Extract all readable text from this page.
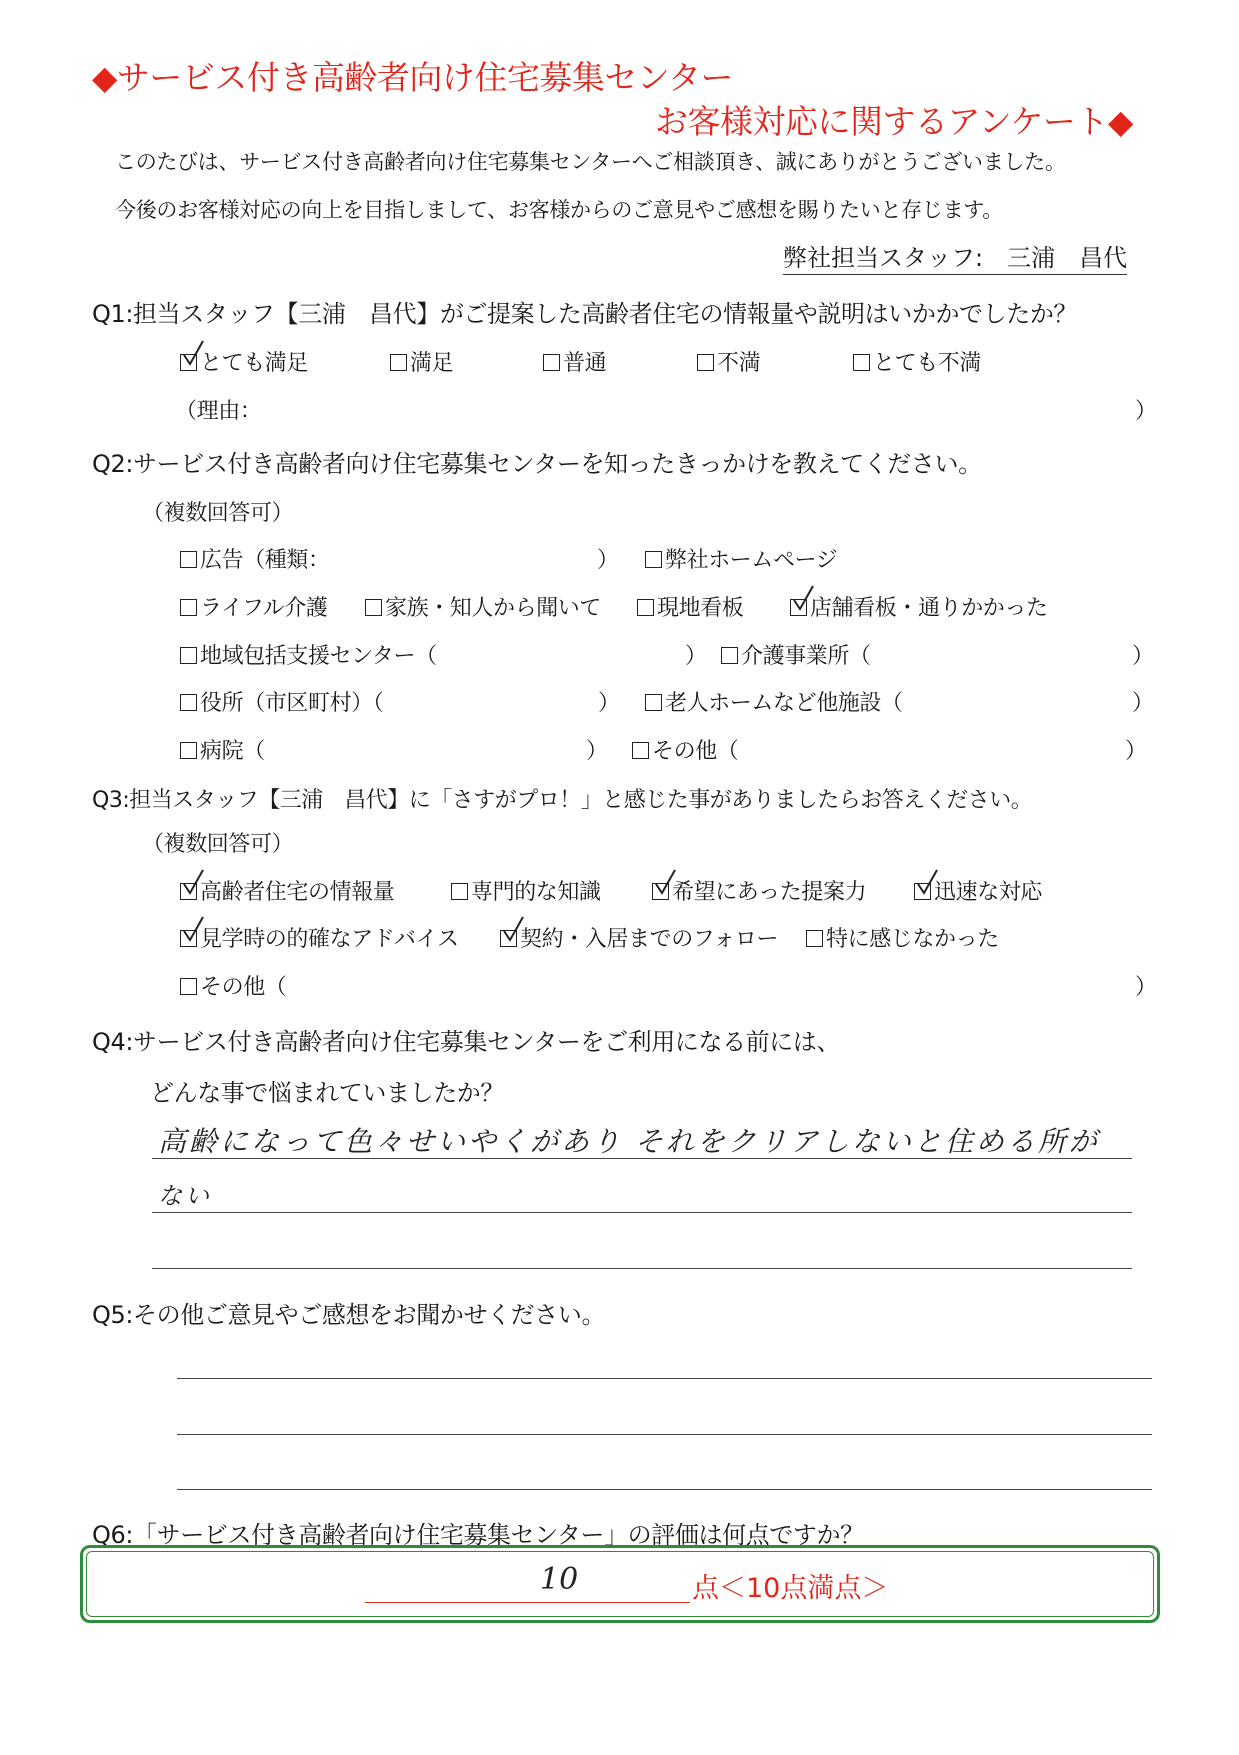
◆サービス付き高齢者向け住宅募集センター
お客様対応に関するアンケート◆
このたびは、サービス付き高齢者向け住宅募集センターへご相談頂き、誠にありがとうございました。
今後のお客様対応の向上を目指しまして、お客様からのご意見やご感想を賜りたいと存じます。
弊社担当スタッフ:　三浦　昌代
Q1:担当スタッフ【三浦　昌代】がご提案した高齢者住宅の情報量や説明はいかかでしたか？
とても満足	満足	普通	不満	とても不満
（理由：	）
Q2:サービス付き高齢者向け住宅募集センターを知ったきっかけを教えてください。
（複数回答可）
広告（種類：	）	弊社ホームページ
ライフル介護	家族・知人から聞いて	現地看板	店舗看板・通りかかった
地域包括支援センター（	）	介護事業所（	）
役所（市区町村）（	）	老人ホームなど他施設（	）
病院（	）	その他（	）
Q3:担当スタッフ【三浦　昌代】に「さすがプロ！」と感じた事がありましたらお答えください。
（複数回答可）
高齢者住宅の情報量	専門的な知識	希望にあった提案力	迅速な対応
見学時の的確なアドバイス	契約・入居までのフォロー	特に感じなかった
その他（	）
Q4:サービス付き高齢者向け住宅募集センターをご利用になる前には、
どんな事で悩まれていましたか？
高齢になって色々せいやくがあり それをクリアしないと住める所が
ない
Q5:その他ご意見やご感想をお聞かせください。
Q6:「サービス付き高齢者向け住宅募集センター」の評価は何点ですか？
10	点＜10点満点＞
